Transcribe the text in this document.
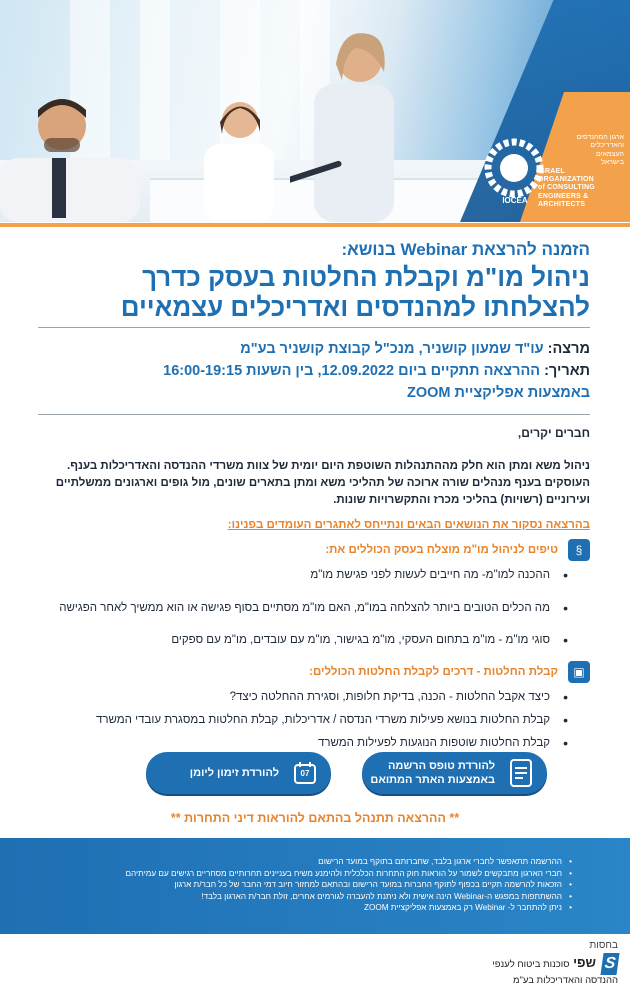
IOCEA
ארגון המהנדסים
והאדריכלים
העצמאים
בישראל
ISRAEL
ORGANIZATION
of CONSULTING
ENGINEERS & ARCHITECTS
הזמנה להרצאת Webinar בנושא:
ניהול מו"מ וקבלת החלטות בעסק כדרך
להצלחתו למהנדסים ואדריכלים עצמאיים
מרצה: עו"ד שמעון קושניר, מנכ"ל קבוצת קושניר בע"מ
תאריך: ההרצאה תתקיים ביום 12.09.2022, בין השעות 16:00-19:15
באמצעות אפליקציית ZOOM
חברים יקרים,

ניהול משא ומתן הוא חלק מההתנהלות השוטפת היום יומית של צוות משרדי ההנדסה והאדריכלות בענף.

העוסקים בענף מנהלים שורה ארוכה של תהליכי משא ומתן בתארים שונים, מול גופים וארגונים ממשלתיים ועירוניים (רשויות) בהליכי מכרז והתקשרויות שונות.

בהרצאה נסקור את הנושאים הבאים ונתייחס לאתגרים העומדים בפנינו:
§
טיפים לניהול מו"מ מוצלח בעסק הכוללים את:
• ההכנה למו"מ- מה חייבים לעשות לפני פגישת מו"מ
• מה הכלים הטובים ביותר להצלחה במו"מ, האם מו"מ מסתיים בסוף פגישה או הוא ממשיך לאחר הפגישה
• סוגי מו"מ - מו"מ בתחום העסקי, מו"מ בגישור, מו"מ עם עובדים, מו"מ עם ספקים
▣
קבלת החלטות - דרכים לקבלת החלטות הכוללים:
• כיצד אקבל החלטות - הכנה, בדיקת חלופות, וסגירת ההחלטה כיצד?
• קבלת החלטות בנושא פעילות משרדי הנדסה / אדריכלות, קבלת החלטות במסגרת עובדי המשרד
• קבלת החלטות שוטפות הנוגעות לפעילות המשרד
להורדת טופס הרשמה באמצעות האתר המתואם
07
להורדת זימון ליומן
** ההרצאה תתנהל בהתאם להוראות דיני התחרות **
• ההרשמה תתאפשר לחברי ארגון בלבד, שחברותם בתוקף במועד הרישום
• חברי הארגון מתבקשים לשמור על הוראות חוק התחרות הכלכלית ולהימנע משיח בעניינים תחרותיים מסחריים רגישים עם עמיתיהם
• הזכאות להרשמה תקיים בכפוף לתוקף החברות במועד הרישום ובהתאם למחזור חיוב דמי החבר של כל חבר/ת ארגון
• ההשתתפות במפגש ה-Webinar הינה אישית ולא ניתנת להעברה לגורמים אחרים, זולת חבר/ת הארגון בלבד!
• ניתן להתחבר ל- Webinar רק באמצעות אפליקציית ZOOM
בחסות
S
שפי סוכנות ביטוח לענפי
ההנדסה והאדריכלות בע"מ
